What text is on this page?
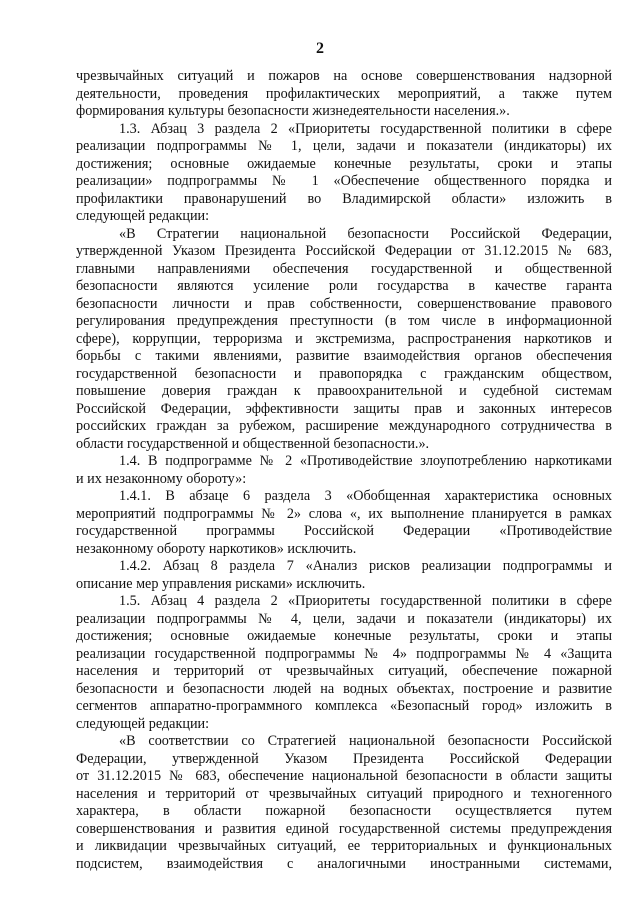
2
чрезвычайных ситуаций и пожаров на основе совершенствования надзорной
деятельности, проведения профилактических мероприятий, а также путем
формирования культуры безопасности жизнедеятельности населения.».
1.3. Абзац 3 раздела 2 «Приоритеты государственной политики в сфере
реализации подпрограммы № 1, цели, задачи и показатели (индикаторы) их
достижения; основные ожидаемые конечные результаты, сроки и этапы
реализации» подпрограммы № 1 «Обеспечение общественного порядка и
профилактики правонарушений во Владимирской области» изложить в
следующей редакции:
«В Стратегии национальной безопасности Российской Федерации,
утвержденной Указом Президента Российской Федерации от 31.12.2015 № 683,
главными направлениями обеспечения государственной и общественной
безопасности являются усиление роли государства в качестве гаранта
безопасности личности и прав собственности, совершенствование правового
регулирования предупреждения преступности (в том числе в информационной
сфере), коррупции, терроризма и экстремизма, распространения наркотиков и
борьбы с такими явлениями, развитие взаимодействия органов обеспечения
государственной безопасности и правопорядка с гражданским обществом,
повышение доверия граждан к правоохранительной и судебной системам
Российской Федерации, эффективности защиты прав и законных интересов
российских граждан за рубежом, расширение международного сотрудничества в
области государственной и общественной безопасности.».
1.4. В подпрограмме № 2 «Противодействие злоупотреблению наркотиками
и их незаконному обороту»:
1.4.1. В абзаце 6 раздела 3 «Обобщенная характеристика основных
мероприятий подпрограммы № 2» слова «, их выполнение планируется в рамках
государственной программы Российской Федерации «Противодействие
незаконному обороту наркотиков» исключить.
1.4.2. Абзац 8 раздела 7 «Анализ рисков реализации подпрограммы и
описание мер управления рисками» исключить.
1.5. Абзац 4 раздела 2 «Приоритеты государственной политики в сфере
реализации подпрограммы № 4, цели, задачи и показатели (индикаторы) их
достижения; основные ожидаемые конечные результаты, сроки и этапы
реализации государственной подпрограммы № 4» подпрограммы № 4 «Защита
населения и территорий от чрезвычайных ситуаций, обеспечение пожарной
безопасности и безопасности людей на водных объектах, построение и развитие
сегментов аппаратно-программного комплекса «Безопасный город» изложить в
следующей редакции:
«В соответствии со Стратегией национальной безопасности Российской
Федерации, утвержденной Указом Президента Российской Федерации
от 31.12.2015 № 683, обеспечение национальной безопасности в области защиты
населения и территорий от чрезвычайных ситуаций природного и техногенного
характера, в области пожарной безопасности осуществляется путем
совершенствования и развития единой государственной системы предупреждения
и ликвидации чрезвычайных ситуаций, ее территориальных и функциональных
подсистем, взаимодействия с аналогичными иностранными системами,
